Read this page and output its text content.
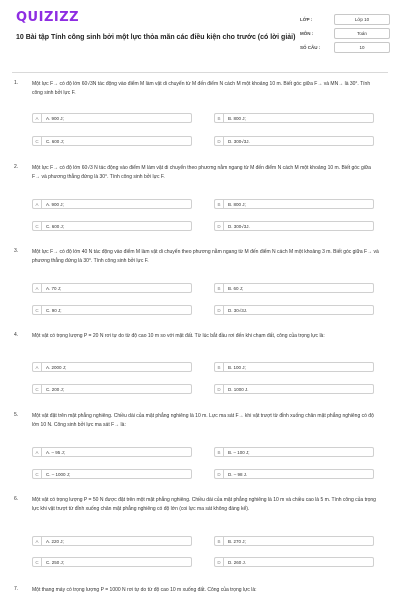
QUIZIZZ
10 Bài tập Tính công sinh bởi một lực thỏa mãn các điều kiện cho trước (có lời giải)
LỚP :	Lớp 10
MÔN :	Toán
SỐ CÂU :	10
1.	Một lực F→ có độ lớn 60√3N tác động vào điểm M làm vật di chuyển từ M đến điểm N cách M một khoảng 10 m. Biết góc giữa F→ và MN→ là 30°. Tính công sinh bởi lực F.
A	A. 900 J;	B	B. 800 J;
C	C. 600 J;	D	D. 300√3J.
2.	Một lực F→ có độ lớn 60√3 N tác động vào điểm M làm vật di chuyển theo phương nằm ngang từ M đến điểm N cách M một khoảng 10 m. Biết góc giữa F→ và phương thẳng đứng là 30°. Tính công sinh bởi lực F.
A	A. 900 J;	B	B. 800 J;
C	C. 600 J;	D	D. 300√3J.
3.	Một lực F→ có độ lớn 40 N tác động vào điểm M làm vật di chuyển theo phương nằm ngang từ M đến điểm N cách M một khoảng 3 m. Biết góc giữa F→ và phương thẳng đứng là 30°. Tính công sinh bởi lực F.
A	A. 70 J;	B	B. 60 J;
C	C. 90 J;	D	D. 30√3J.
4.	Một vật có trọng lượng P = 20 N rơi tự do từ độ cao 10 m so với mặt đất. Từ lúc bắt đầu rơi đến khi chạm đất, công của trọng lực là:
A	A. 2000 J;	B	B. 100 J;
C	C. 200 J;	D	D. 1000 J.
5.	Một vật đặt trên mặt phẳng nghiêng. Chiều dài của mặt phẳng nghiêng là 10 m. Lực ma sát F→ khi vật trượt từ đỉnh xuống chân mặt phẳng nghiêng có độ lớn 10 N. Công sinh bởi lực ma sát F→ là:
A	A. – 95 J;	B	B. – 100 J;
C	C. – 1000 J;	D	D. – 98 J.
6.	Một vật có trọng lượng P = 50 N được đặt trên một mặt phẳng nghiêng. Chiều dài của mặt phẳng nghiêng là 10 m và chiều cao là 5 m. Tính công của trọng lực khi vật trượt từ đỉnh xuống chân mặt phẳng nghiêng có độ lớn (coi lực ma sát không đáng kể).
A	A. 220 J;	B	B. 270 J;
C	C. 250 J;	D	D. 260 J.
7.	Một thang máy có trọng lượng P = 1000 N rơi tự do từ độ cao 10 m xuống đất. Công của trọng lực là:
